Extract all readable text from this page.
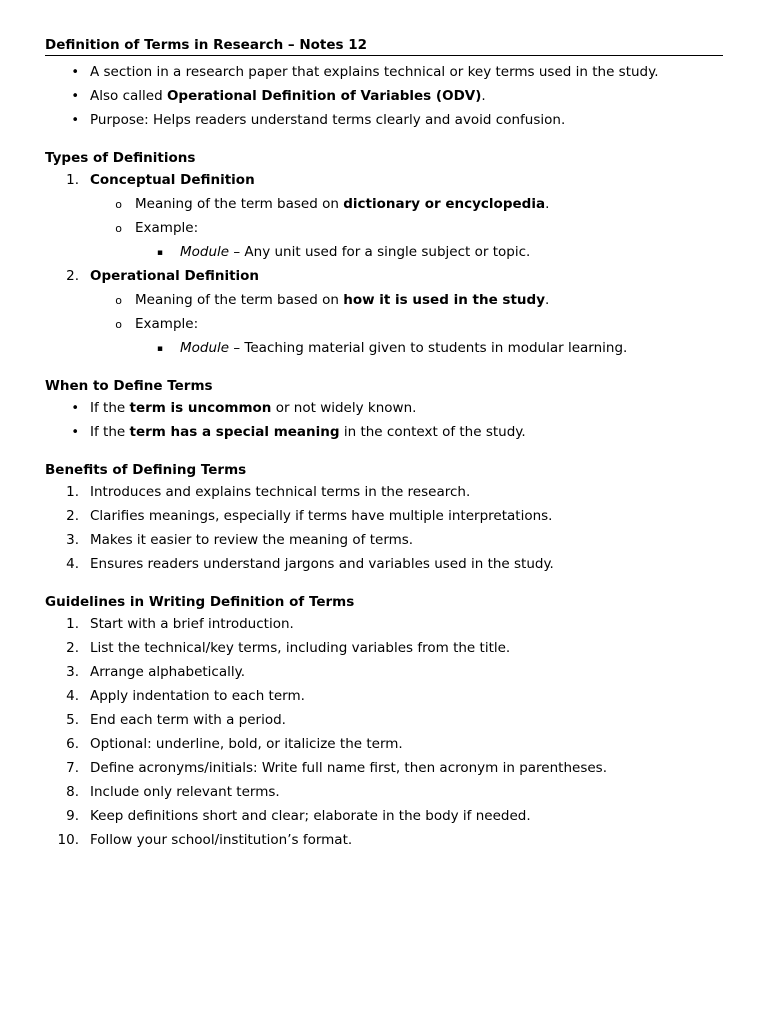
Definition of Terms in Research – Notes 12
• A section in a research paper that explains technical or key terms used in the study.
• Also called Operational Definition of Variables (ODV).
• Purpose: Helps readers understand terms clearly and avoid confusion.
Types of Definitions
1. Conceptual Definition
o Meaning of the term based on dictionary or encyclopedia.
o Example:
▪ Module – Any unit used for a single subject or topic.
2. Operational Definition
o Meaning of the term based on how it is used in the study.
o Example:
▪ Module – Teaching material given to students in modular learning.
When to Define Terms
• If the term is uncommon or not widely known.
• If the term has a special meaning in the context of the study.
Benefits of Defining Terms
1. Introduces and explains technical terms in the research.
2. Clarifies meanings, especially if terms have multiple interpretations.
3. Makes it easier to review the meaning of terms.
4. Ensures readers understand jargons and variables used in the study.
Guidelines in Writing Definition of Terms
1. Start with a brief introduction.
2. List the technical/key terms, including variables from the title.
3. Arrange alphabetically.
4. Apply indentation to each term.
5. End each term with a period.
6. Optional: underline, bold, or italicize the term.
7. Define acronyms/initials: Write full name first, then acronym in parentheses.
8. Include only relevant terms.
9. Keep definitions short and clear; elaborate in the body if needed.
10. Follow your school/institution’s format.
